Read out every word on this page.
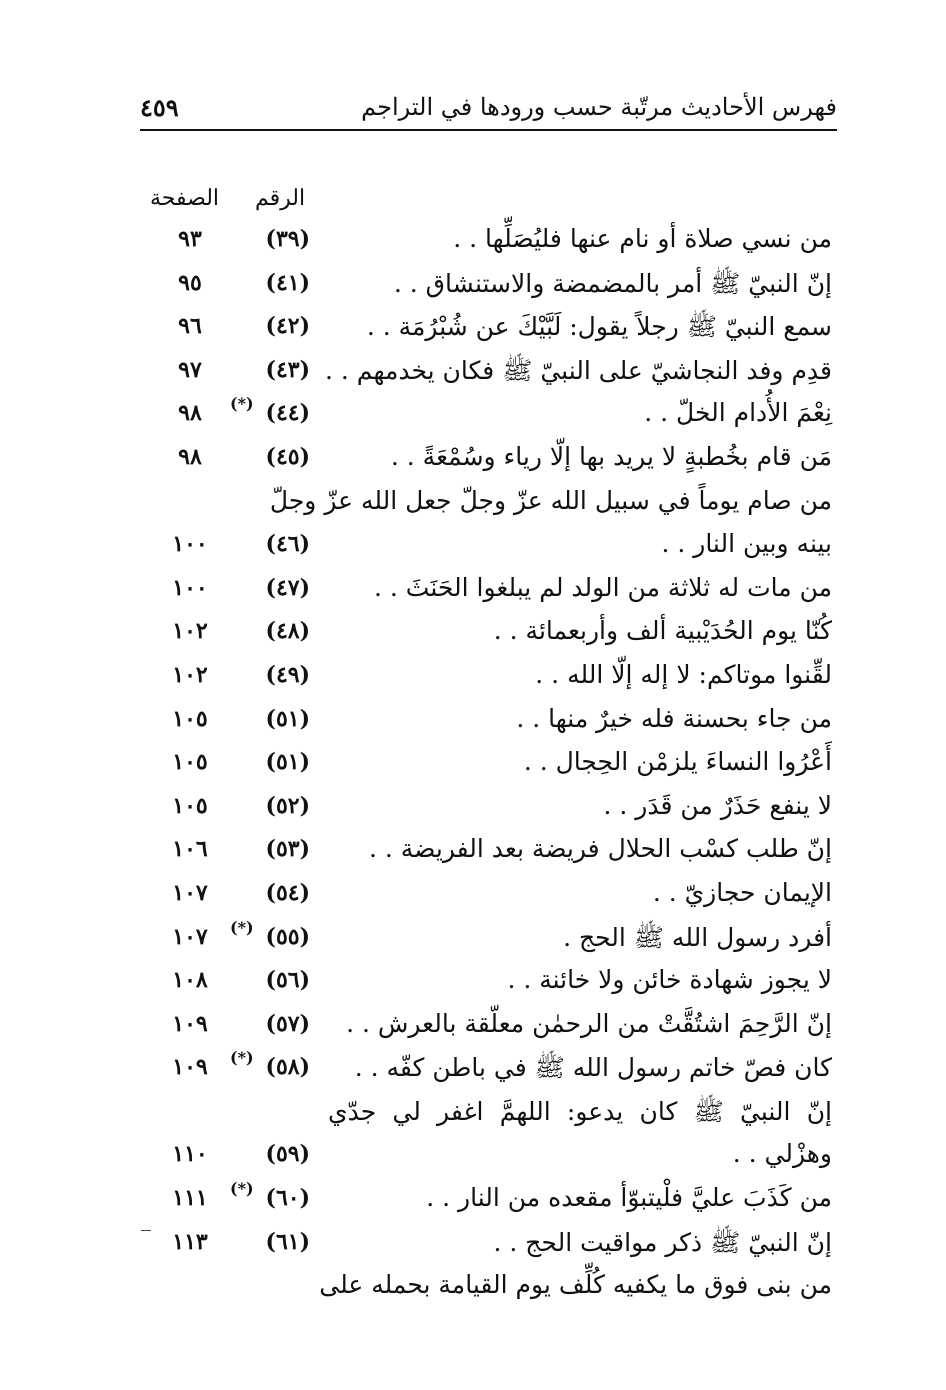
فهرس الأحاديث مرتّبة حسب ورودها في التراجم
٤٥٩
الرقم
الصفحة
من نسي صلاة أو نام عنها فليُصَلِّها . .
(٣٩)
٩٣
إنّ النبيّ ﷺ أمر بالمضمضة والاستنشاق . .
(٤١)
٩٥
سمع النبيّ ﷺ رجلاً يقول: لَبَّيْكَ عن شُبْرُمَة . .
(٤٢)
٩٦
قدِم وفد النجاشيّ على النبيّ ﷺ فكان يخدمهم . .
(٤٣)
٩٧
نِعْمَ الأُدام الخلّ . .
(٤٤)
(*)
٩٨
مَن قام بخُطبةٍ لا يريد بها إلّا رياء وسُمْعَةً . .
(٤٥)
٩٨
من صام يوماً في سبيل الله عزّ وجلّ جعل الله عزّ وجلّ
بينه وبين النار . .
(٤٦)
١٠٠
من مات له ثلاثة من الولد لم يبلغوا الحَنَثَ . .
(٤٧)
١٠٠
كُنّا يوم الحُدَيْبية ألف وأربعمائة . .
(٤٨)
١٠٢
لقِّنوا موتاكم: لا إله إلّا الله . .
(٤٩)
١٠٢
من جاء بحسنة فله خيرٌ منها . .
(٥١)
١٠٥
أَعْرُوا النساءَ يلزمْن الحِجال . .
(٥١)
١٠٥
لا ينفع حَذَرٌ من قَدَر . .
(٥٢)
١٠٥
إنّ طلب كسْب الحلال فريضة بعد الفريضة . .
(٥٣)
١٠٦
الإيمان حجازيّ . .
(٥٤)
١٠٧
أفرد رسول الله ﷺ الحج .
(٥٥)
(*)
١٠٧
لا يجوز شهادة خائن ولا خائنة . .
(٥٦)
١٠٨
إنّ الرَّحِمَ اشتُقَّتْ من الرحمٰن معلّقة بالعرش . .
(٥٧)
١٠٩
كان فصّ خاتم رسول الله ﷺ في باطن كفّه . .
(٥٨)
(*)
١٠٩
إنّ النبيّ ﷺ كان يدعو: اللهمَّ اغفر لي جدّي
وهزْلي . .
(٥٩)
١١٠
من كَذَبَ عليَّ فلْيتبوّأ مقعده من النار . .
(٦٠)
(*)
١١١
إنّ النبيّ ﷺ ذكر مواقيت الحج . .
(٦١)
١١٣
من بنى فوق ما يكفيه كُلِّف يوم القيامة بحمله على
